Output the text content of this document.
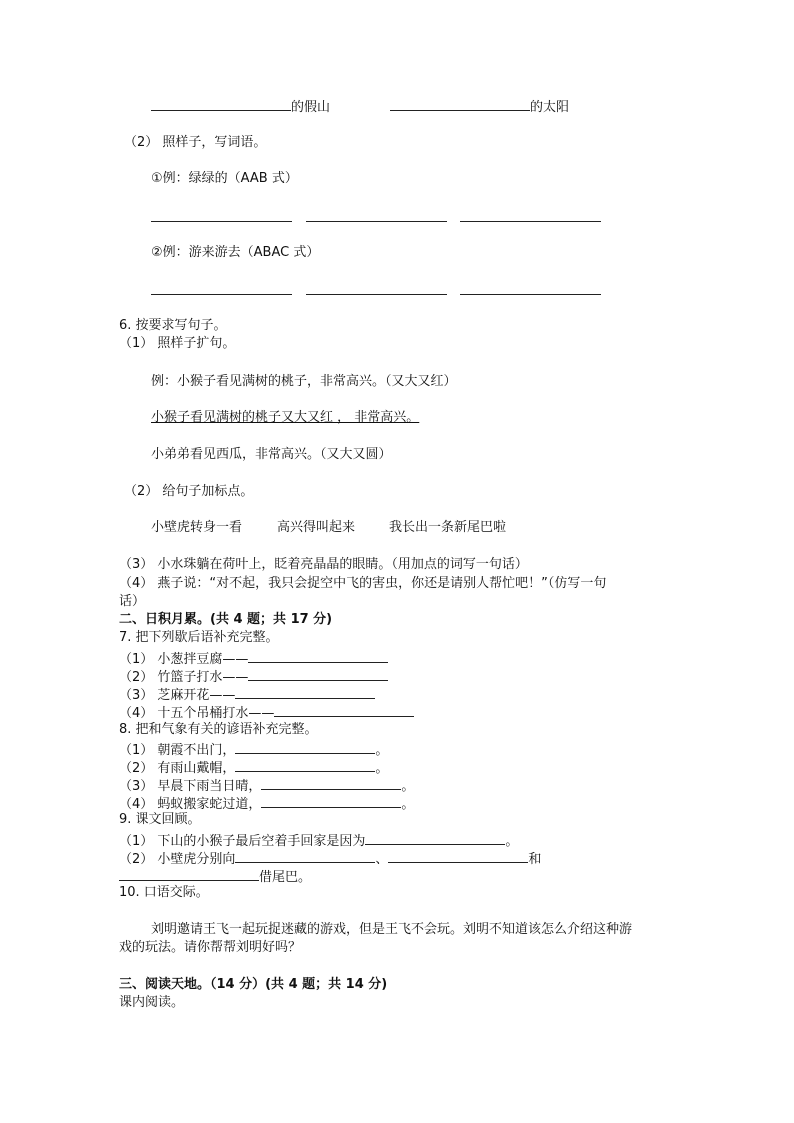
的假山	的太阳
（2） 照样子，写词语。
①例：绿绿的（AAB 式）
②例：游来游去（ABAC 式）
6. 按要求写句子。
（1） 照样子扩句。
例：小猴子看见满树的桃子，非常高兴。（又大又红）
小猴子看见满树的桃子又大又红 ， 非常高兴。
小弟弟看见西瓜，非常高兴。（又大又圆）
（2） 给句子加标点。
小壁虎转身一看	高兴得叫起来	我长出一条新尾巴啦
（3） 小水珠躺在荷叶上，眨着亮晶晶的眼睛。（用加点的词写一句话）
（4） 燕子说：“对不起，我只会捉空中飞的害虫，你还是请别人帮忙吧！”（仿写一句
话）
二、日积月累。(共 4 题；共 17 分)
7. 把下列歇后语补充完整。
（1） 小葱拌豆腐——
（2） 竹篮子打水——
（3） 芝麻开花——
（4） 十五个吊桶打水——
8. 把和气象有关的谚语补充完整。
（1） 朝霞不出门，	。
（2） 有雨山戴帽，	。
（3） 早晨下雨当日晴，	。
（4） 蚂蚁搬家蛇过道，	。
9. 课文回顾。
（1） 下山的小猴子最后空着手回家是因为	。
（2） 小壁虎分别向	、	和
借尾巴。
10. 口语交际。
刘明邀请王飞一起玩捉迷藏的游戏，但是王飞不会玩。刘明不知道该怎么介绍这种游
戏的玩法。请你帮帮刘明好吗？
三、阅读天地。（14 分）(共 4 题；共 14 分)
课内阅读。
